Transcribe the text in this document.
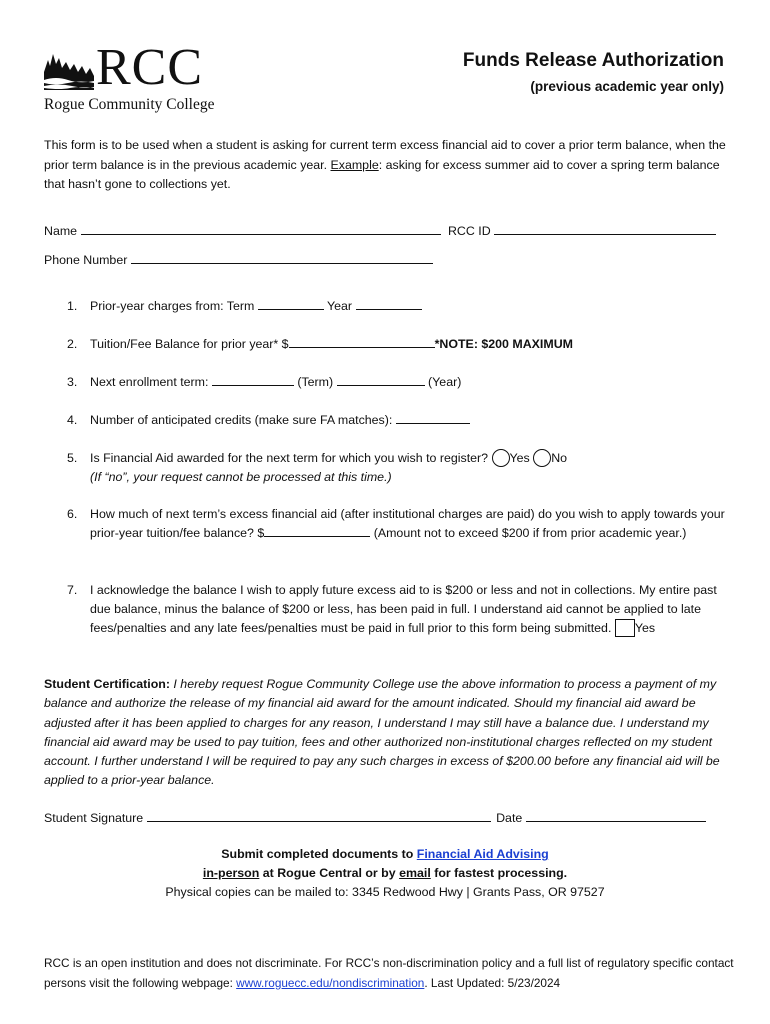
RCC
Rogue Community College
Funds Release Authorization
(previous academic year only)
This form is to be used when a student is asking for current term excess financial aid to cover a prior term balance, when the prior term balance is in the previous academic year. Example: asking for excess summer aid to cover a spring term balance that hasn’t gone to collections yet.
Name	RCC ID
Phone Number
1. Prior-year charges from: Term	Year
2. Tuition/Fee Balance for prior year* $	*NOTE: $200 MAXIMUM
3. Next enrollment term:	(Term)	(Year)
4. Number of anticipated credits (make sure FA matches):
5. Is Financial Aid awarded for the next term for which you wish to register? Yes No
(If “no”, your request cannot be processed at this time.)
6. How much of next term’s excess financial aid (after institutional charges are paid) do you wish to apply towards your prior-year tuition/fee balance? $	(Amount not to exceed $200 if from prior academic year.)
7. I acknowledge the balance I wish to apply future excess aid to is $200 or less and not in collections. My entire past due balance, minus the balance of $200 or less, has been paid in full. I understand aid cannot be applied to late fees/penalties and any late fees/penalties must be paid in full prior to this form being submitted. Yes
Student Certification: I hereby request Rogue Community College use the above information to process a payment of my balance and authorize the release of my financial aid award for the amount indicated. Should my financial aid award be adjusted after it has been applied to charges for any reason, I understand I may still have a balance due. I understand my financial aid award may be used to pay tuition, fees and other authorized non-institutional charges reflected on my student account. I further understand I will be required to pay any such charges in excess of $200.00 before any financial aid will be applied to a prior-year balance.
Student Signature	Date
Submit completed documents to Financial Aid Advising
in-person at Rogue Central or by email for fastest processing.
Physical copies can be mailed to: 3345 Redwood Hwy | Grants Pass, OR 97527
RCC is an open institution and does not discriminate. For RCC’s non-discrimination policy and a full list of regulatory specific contact persons visit the following webpage: www.roguecc.edu/nondiscrimination. Last Updated: 5/23/2024
